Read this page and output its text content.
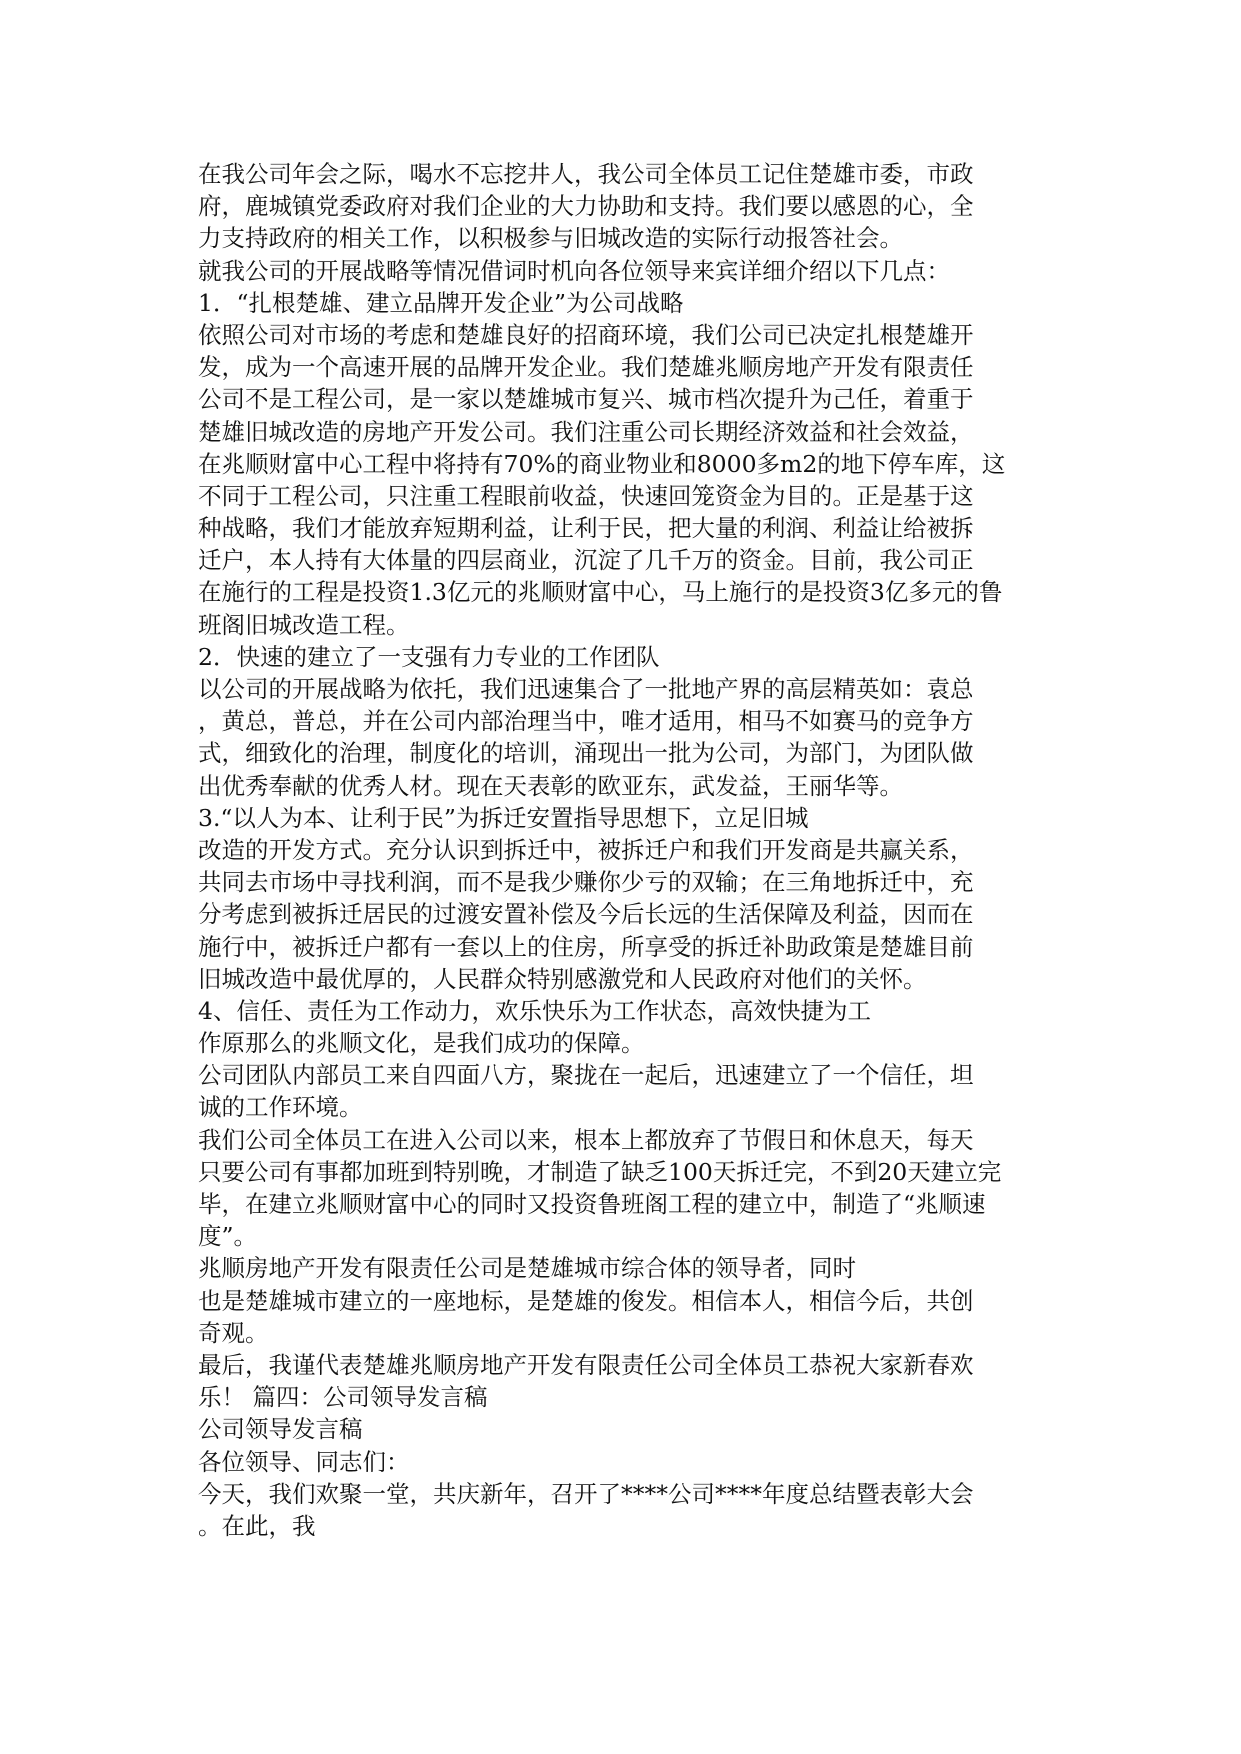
在我公司年会之际，喝水不忘挖井人，我公司全体员工记住楚雄市委，市政
府，鹿城镇党委政府对我们企业的大力协助和支持。我们要以感恩的心，全
力支持政府的相关工作，以积极参与旧城改造的实际行动报答社会。
就我公司的开展战略等情况借词时机向各位领导来宾详细介绍以下几点：
1．“扎根楚雄、建立品牌开发企业”为公司战略
依照公司对市场的考虑和楚雄良好的招商环境，我们公司已决定扎根楚雄开
发，成为一个高速开展的品牌开发企业。我们楚雄兆顺房地产开发有限责任
公司不是工程公司，是一家以楚雄城市复兴、城市档次提升为己任，着重于
楚雄旧城改造的房地产开发公司。我们注重公司长期经济效益和社会效益，
在兆顺财富中心工程中将持有70%的商业物业和8000多m2的地下停车库，这
不同于工程公司，只注重工程眼前收益，快速回笼资金为目的。正是基于这
种战略，我们才能放弃短期利益，让利于民，把大量的利润、利益让给被拆
迁户，本人持有大体量的四层商业，沉淀了几千万的资金。目前，我公司正
在施行的工程是投资1.3亿元的兆顺财富中心，马上施行的是投资3亿多元的鲁
班阁旧城改造工程。
2．快速的建立了一支强有力专业的工作团队
以公司的开展战略为依托，我们迅速集合了一批地产界的高层精英如：袁总
，黄总，普总，并在公司内部治理当中，唯才适用，相马不如赛马的竞争方
式，细致化的治理，制度化的培训，涌现出一批为公司，为部门，为团队做
出优秀奉献的优秀人材。现在天表彰的欧亚东，武发益，王丽华等。
3.“以人为本、让利于民”为拆迁安置指导思想下，立足旧城
改造的开发方式。充分认识到拆迁中，被拆迁户和我们开发商是共赢关系，
共同去市场中寻找利润，而不是我少赚你少亏的双输；在三角地拆迁中，充
分考虑到被拆迁居民的过渡安置补偿及今后长远的生活保障及利益，因而在
施行中，被拆迁户都有一套以上的住房，所享受的拆迁补助政策是楚雄目前
旧城改造中最优厚的，人民群众特别感激党和人民政府对他们的关怀。
4、信任、责任为工作动力，欢乐快乐为工作状态，高效快捷为工
作原那么的兆顺文化，是我们成功的保障。
公司团队内部员工来自四面八方，聚拢在一起后，迅速建立了一个信任，坦
诚的工作环境。
我们公司全体员工在进入公司以来，根本上都放弃了节假日和休息天，每天
只要公司有事都加班到特别晚，才制造了缺乏100天拆迁完，不到20天建立完
毕，在建立兆顺财富中心的同时又投资鲁班阁工程的建立中，制造了“兆顺速
度”。
兆顺房地产开发有限责任公司是楚雄城市综合体的领导者，同时
也是楚雄城市建立的一座地标，是楚雄的俊发。相信本人，相信今后，共创
奇观。
最后，我谨代表楚雄兆顺房地产开发有限责任公司全体员工恭祝大家新春欢
乐！ 篇四：公司领导发言稿
公司领导发言稿
各位领导、同志们：
今天，我们欢聚一堂，共庆新年，召开了****公司****年度总结暨表彰大会
。在此，我
